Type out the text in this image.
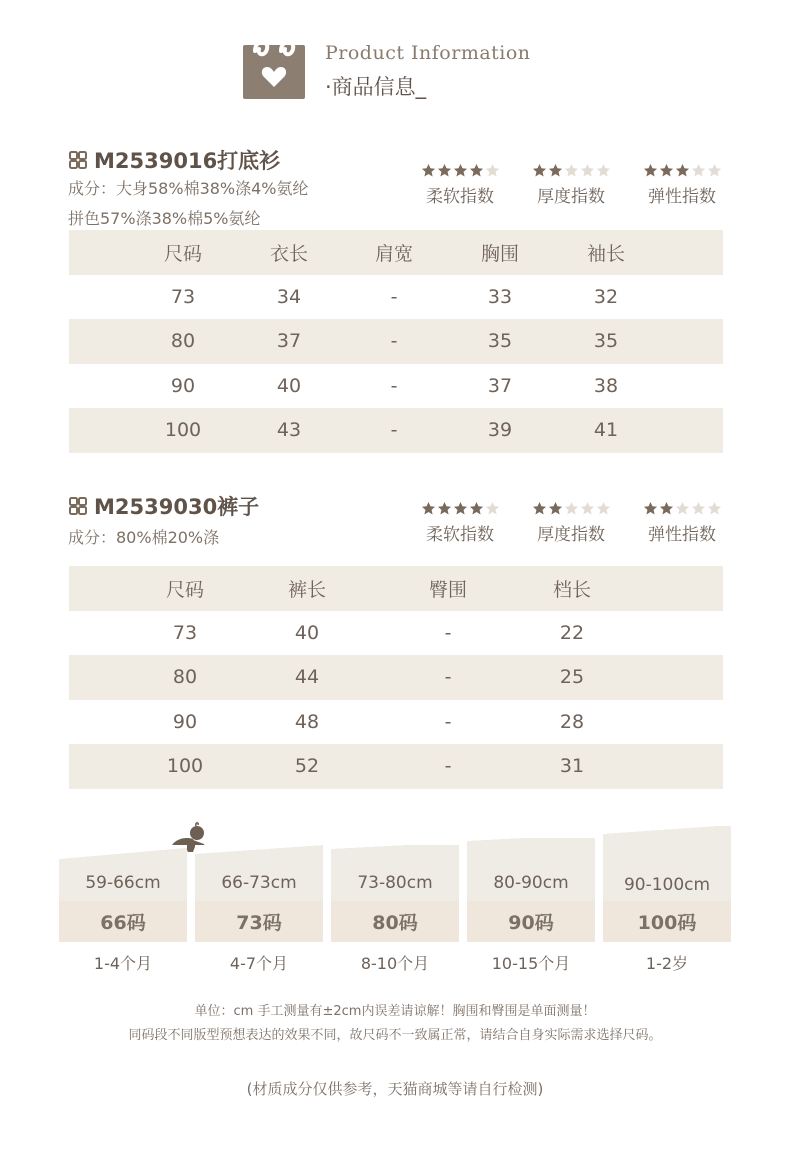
Product Information
·商品信息_
M2539016打底衫
成分：大身58%棉38%涤4%氨纶
拼色57%涤38%棉5%氨纶
柔软指数	厚度指数	弹性指数
尺码	衣长	肩宽	胸围	袖长
73	34	-	33	32
80	37	-	35	35
90	40	-	37	38
100	43	-	39	41
M2539030裤子
成分：80%棉20%涤	柔软指数	厚度指数	弹性指数
尺码	裤长	臀围	档长
73	40	-	22
80	44	-	25
90	48	-	28
100	52	-	31
59-66cm
66码
1-4个月
66-73cm
73码
4-7个月
73-80cm
80码
8-10个月
80-90cm
90码
10-15个月
90-100cm
100码
1-2岁
单位：cm 手工测量有±2cm内误差请谅解！胸围和臀围是单面测量！
同码段不同版型预想表达的效果不同，故尺码不一致属正常，请结合自身实际需求选择尺码。
(材质成分仅供参考，天猫商城等请自行检测)
